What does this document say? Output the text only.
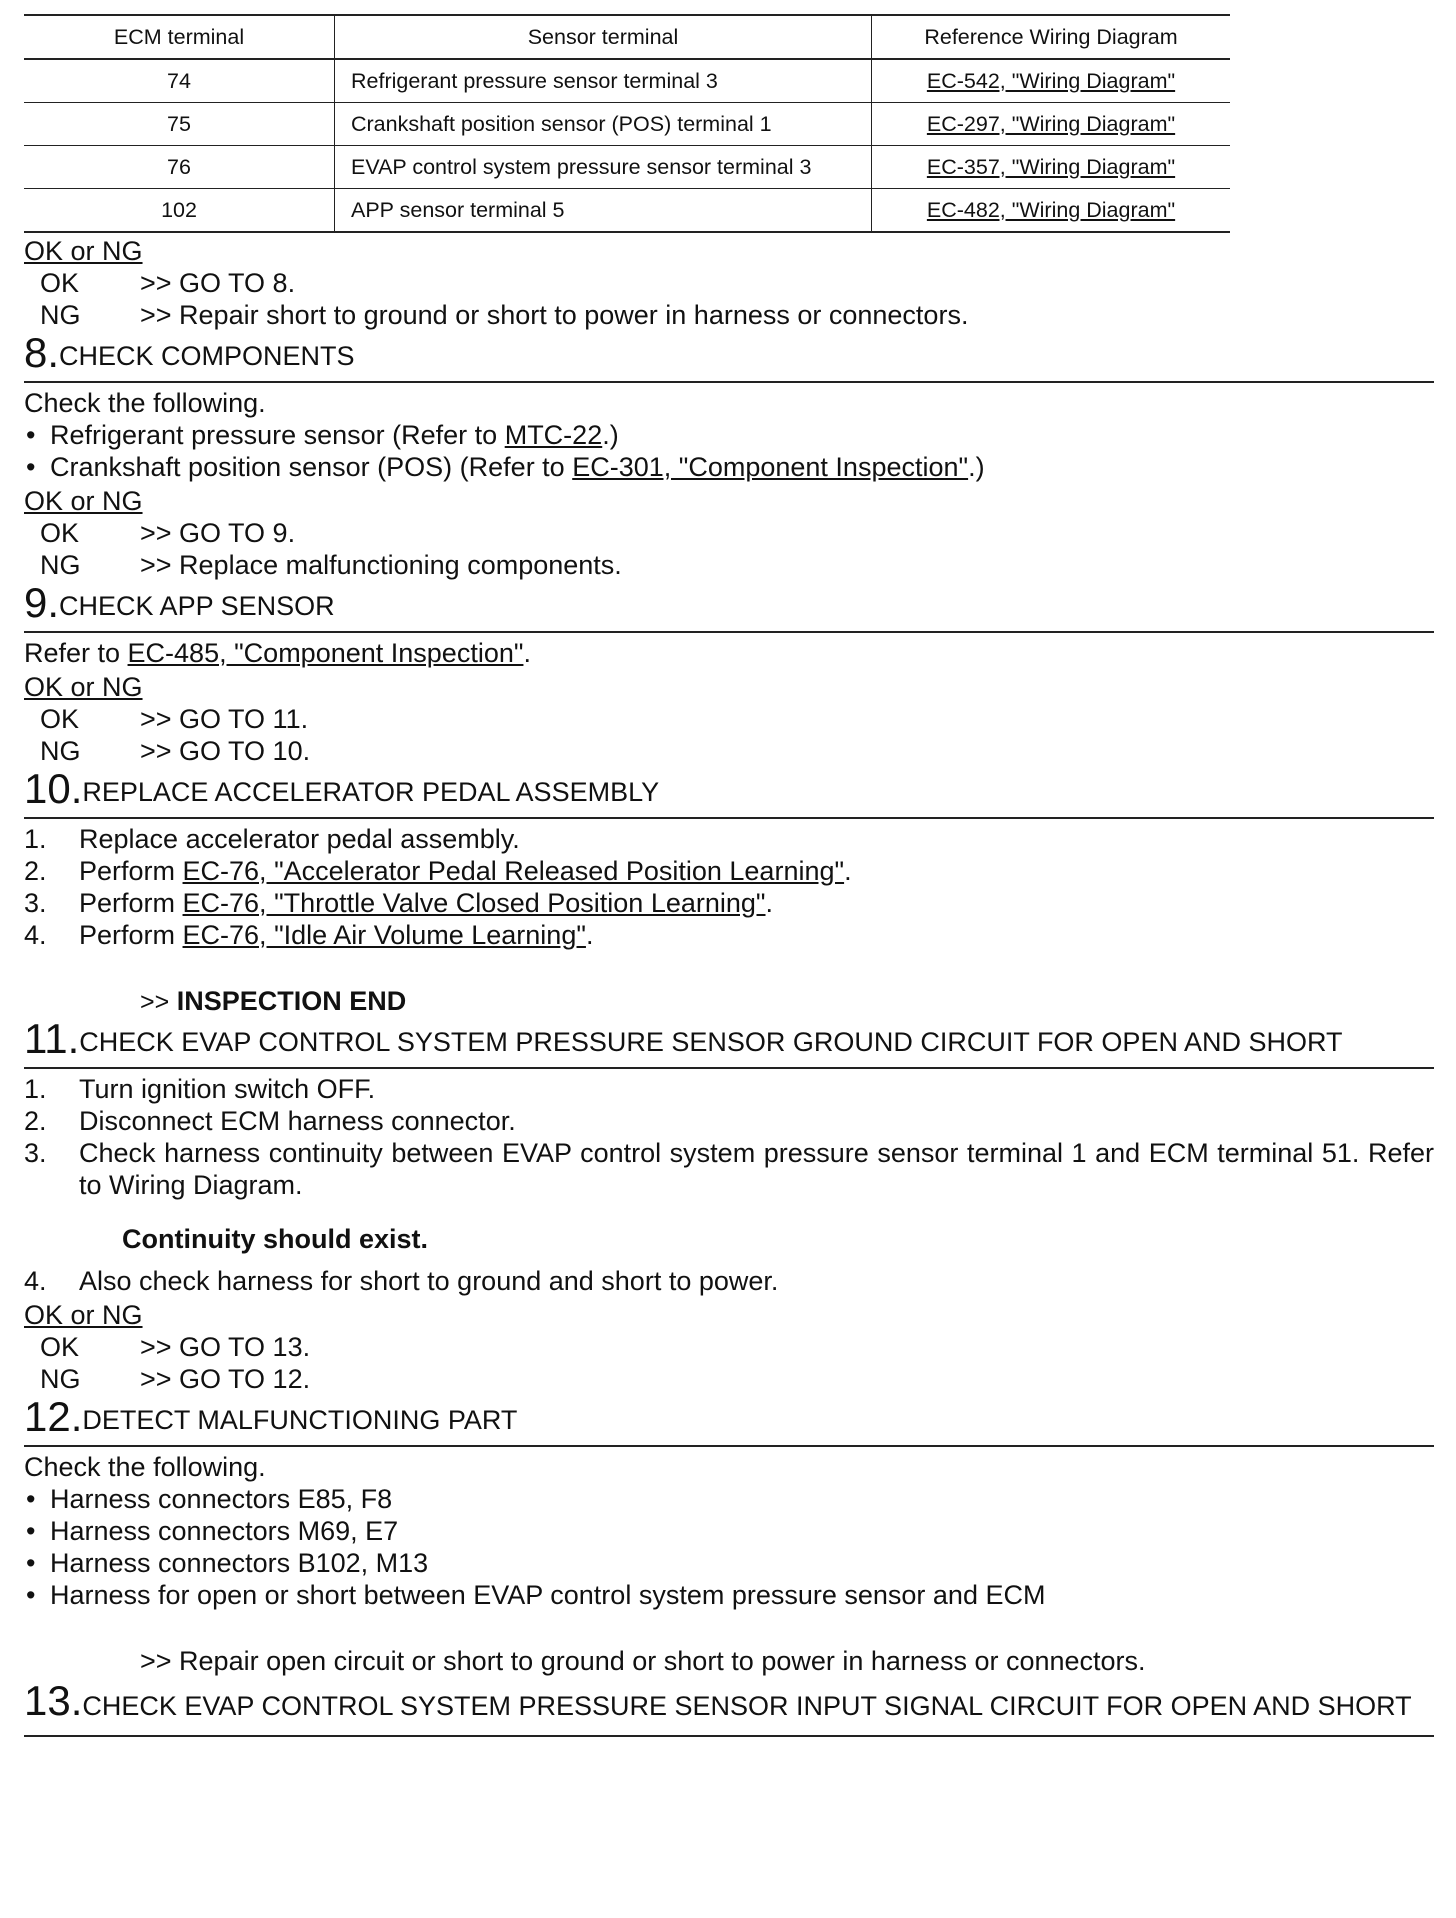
ECM terminal	Sensor terminal	Reference Wiring Diagram
74	Refrigerant pressure sensor terminal 3	EC-542, "Wiring Diagram"
75	Crankshaft position sensor (POS) terminal 1	EC-297, "Wiring Diagram"
76	EVAP control system pressure sensor terminal 3	EC-357, "Wiring Diagram"
102	APP sensor terminal 5	EC-482, "Wiring Diagram"
OK or NG
OK	>> GO TO 8.
NG	>> Repair short to ground or short to power in harness or connectors.
8. CHECK COMPONENTS
Check the following.
• Refrigerant pressure sensor (Refer to MTC-22.)
• Crankshaft position sensor (POS) (Refer to EC-301, "Component Inspection".)
OK or NG
OK	>> GO TO 9.
NG	>> Replace malfunctioning components.
9. CHECK APP SENSOR
Refer to EC-485, "Component Inspection".
OK or NG
OK	>> GO TO 11.
NG	>> GO TO 10.
10. REPLACE ACCELERATOR PEDAL ASSEMBLY
1.	Replace accelerator pedal assembly.
2.	Perform EC-76, "Accelerator Pedal Released Position Learning".
3.	Perform EC-76, "Throttle Valve Closed Position Learning".
4.	Perform EC-76, "Idle Air Volume Learning".
>> INSPECTION END
11. CHECK EVAP CONTROL SYSTEM PRESSURE SENSOR GROUND CIRCUIT FOR OPEN AND SHORT
1.	Turn ignition switch OFF.
2.	Disconnect ECM harness connector.
3.	Check harness continuity between EVAP control system pressure sensor terminal 1 and ECM terminal 51. Refer to Wiring Diagram.
Continuity should exist.
4.	Also check harness for short to ground and short to power.
OK or NG
OK	>> GO TO 13.
NG	>> GO TO 12.
12. DETECT MALFUNCTIONING PART
Check the following.
• Harness connectors E85, F8
• Harness connectors M69, E7
• Harness connectors B102, M13
• Harness for open or short between EVAP control system pressure sensor and ECM
>> Repair open circuit or short to ground or short to power in harness or connectors.
13.CHECK EVAP CONTROL SYSTEM PRESSURE SENSOR INPUT SIGNAL CIRCUIT FOR OPEN AND SHORT
